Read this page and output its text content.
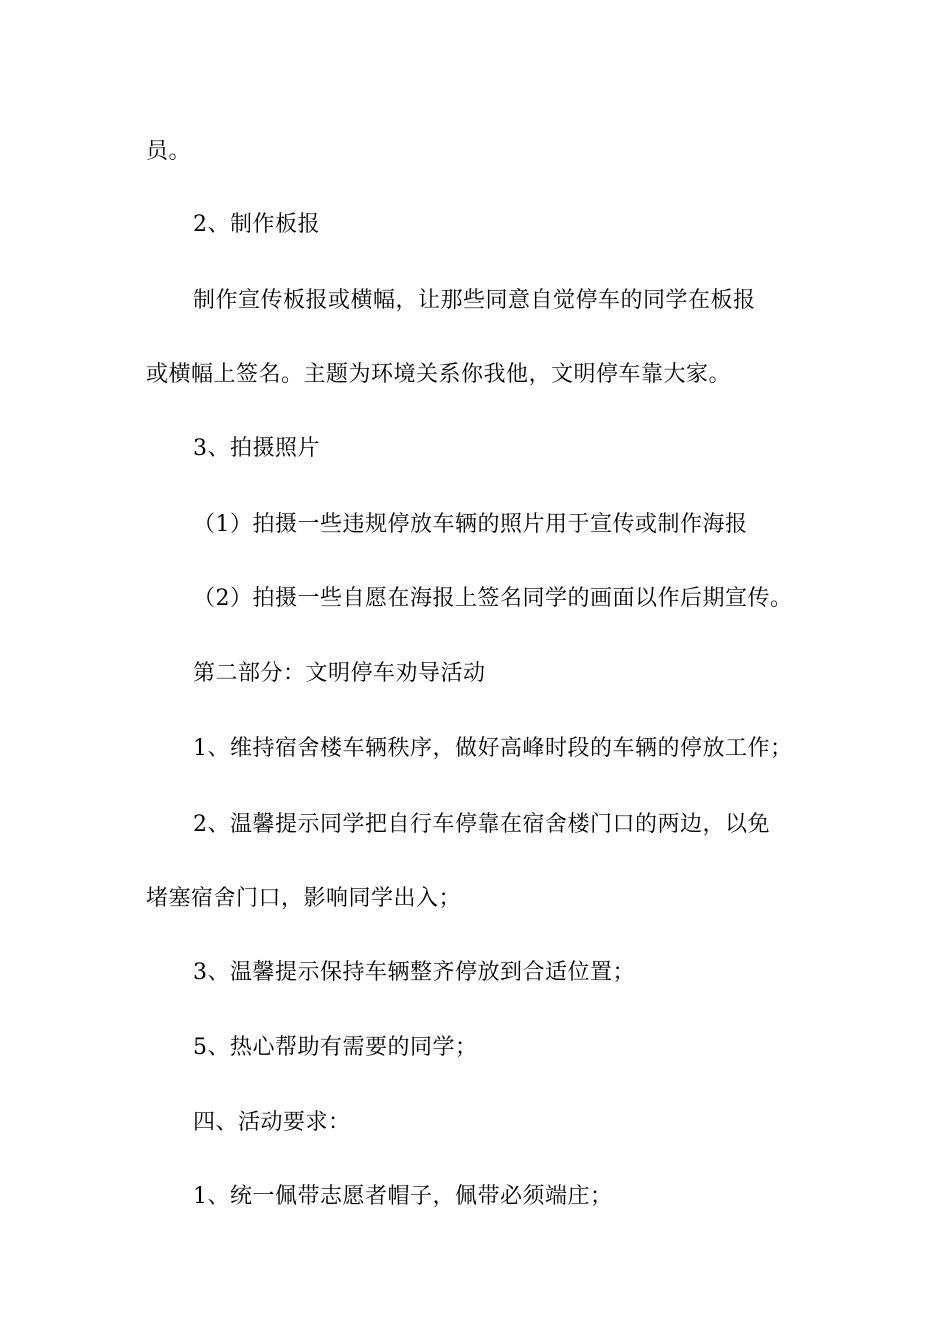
员。
2、制作板报
制作宣传板报或横幅，让那些同意自觉停车的同学在板报
或横幅上签名。主题为环境关系你我他，文明停车靠大家。
3、拍摄照片
（1）拍摄一些违规停放车辆的照片用于宣传或制作海报
（2）拍摄一些自愿在海报上签名同学的画面以作后期宣传。
第二部分：文明停车劝导活动
1、维持宿舍楼车辆秩序，做好高峰时段的车辆的停放工作；
2、温馨提示同学把自行车停靠在宿舍楼门口的两边，以免
堵塞宿舍门口，影响同学出入；
3、温馨提示保持车辆整齐停放到合适位置；
5、热心帮助有需要的同学；
四、活动要求：
1、统一佩带志愿者帽子，佩带必须端庄；
